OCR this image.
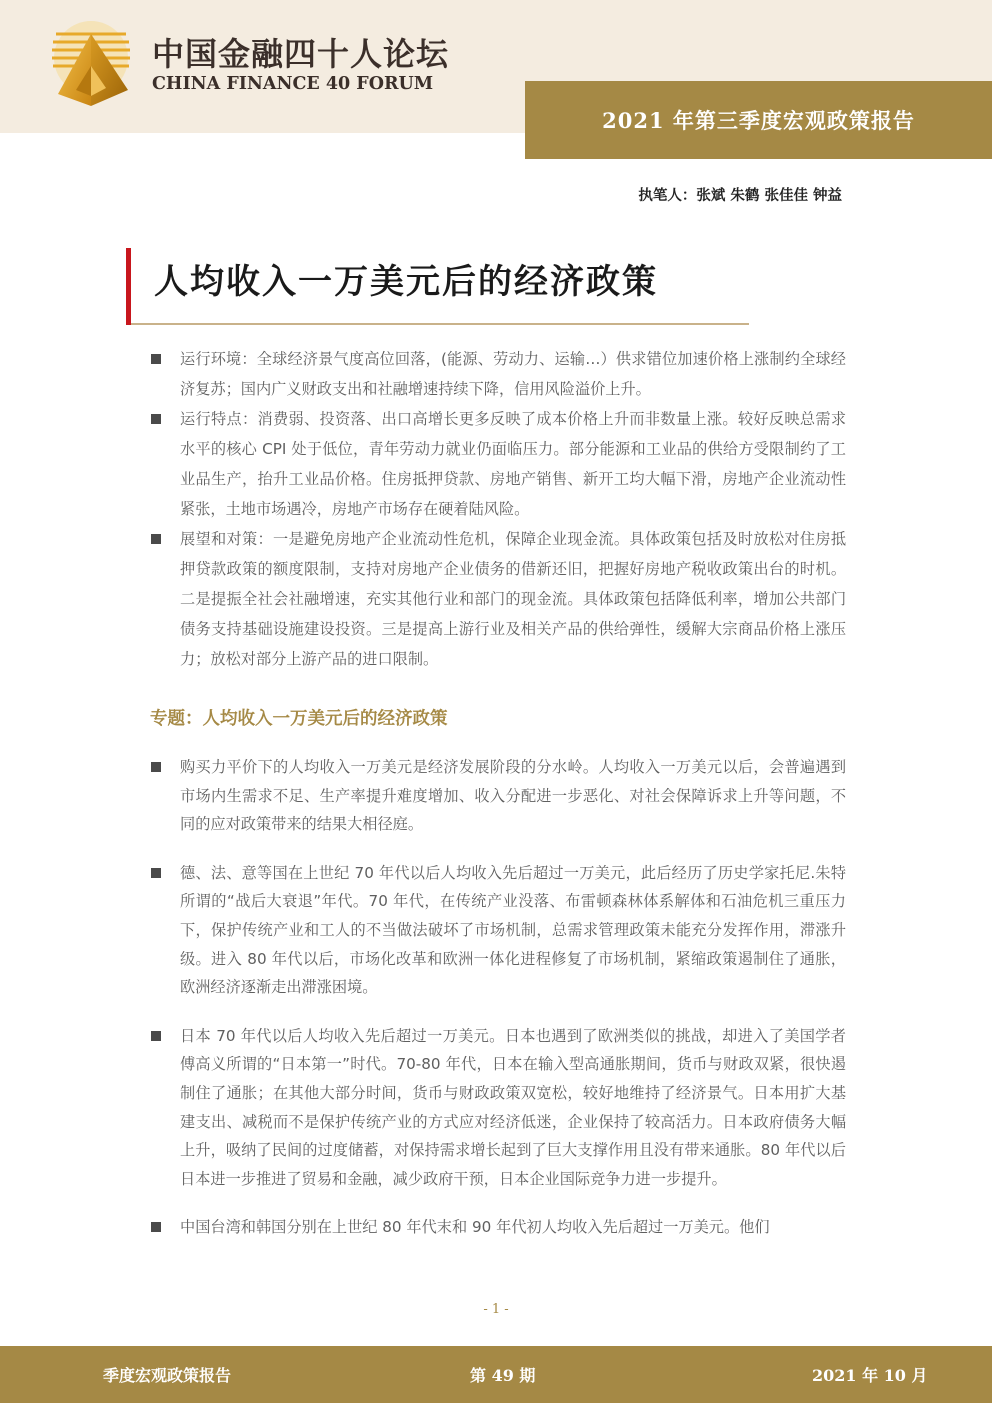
中国金融四十人论坛
CHINA FINANCE 40 FORUM
2021 年第三季度宏观政策报告
执笔人：张斌 朱鹤 张佳佳 钟益
人均收入一万美元后的经济政策
运行环境：全球经济景气度高位回落，(能源、劳动力、运输…）供求错位加速价格上涨制约全球经济复苏；国内广义财政支出和社融增速持续下降，信用风险溢价上升。
运行特点：消费弱、投资落、出口高增长更多反映了成本价格上升而非数量上涨。较好反映总需求水平的核心 CPI 处于低位，青年劳动力就业仍面临压力。部分能源和工业品的供给方受限制约了工业品生产，抬升工业品价格。住房抵押贷款、房地产销售、新开工均大幅下滑，房地产企业流动性紧张，土地市场遇冷，房地产市场存在硬着陆风险。
展望和对策：一是避免房地产企业流动性危机，保障企业现金流。具体政策包括及时放松对住房抵押贷款政策的额度限制，支持对房地产企业债务的借新还旧，把握好房地产税收政策出台的时机。二是提振全社会社融增速，充实其他行业和部门的现金流。具体政策包括降低利率，增加公共部门债务支持基础设施建设投资。三是提高上游行业及相关产品的供给弹性，缓解大宗商品价格上涨压力；放松对部分上游产品的进口限制。
专题：人均收入一万美元后的经济政策
购买力平价下的人均收入一万美元是经济发展阶段的分水岭。人均收入一万美元以后，会普遍遇到市场内生需求不足、生产率提升难度增加、收入分配进一步恶化、对社会保障诉求上升等问题，不同的应对政策带来的结果大相径庭。
德、法、意等国在上世纪 70 年代以后人均收入先后超过一万美元，此后经历了历史学家托尼.朱特所谓的“战后大衰退”年代。70 年代，在传统产业没落、布雷顿森林体系解体和石油危机三重压力下，保护传统产业和工人的不当做法破坏了市场机制，总需求管理政策未能充分发挥作用，滞涨升级。进入 80 年代以后，市场化改革和欧洲一体化进程修复了市场机制，紧缩政策遏制住了通胀，欧洲经济逐渐走出滞涨困境。
日本 70 年代以后人均收入先后超过一万美元。日本也遇到了欧洲类似的挑战，却进入了美国学者傅高义所谓的“日本第一”时代。70-80 年代，日本在输入型高通胀期间，货币与财政双紧，很快遏制住了通胀；在其他大部分时间，货币与财政政策双宽松，较好地维持了经济景气。日本用扩大基建支出、减税而不是保护传统产业的方式应对经济低迷，企业保持了较高活力。日本政府债务大幅上升，吸纳了民间的过度储蓄，对保持需求增长起到了巨大支撑作用且没有带来通胀。80 年代以后日本进一步推进了贸易和金融，减少政府干预，日本企业国际竞争力进一步提升。
中国台湾和韩国分别在上世纪 80 年代末和 90 年代初人均收入先后超过一万美元。他们
- 1 -
季度宏观政策报告	第 49 期	2021 年 10 月
